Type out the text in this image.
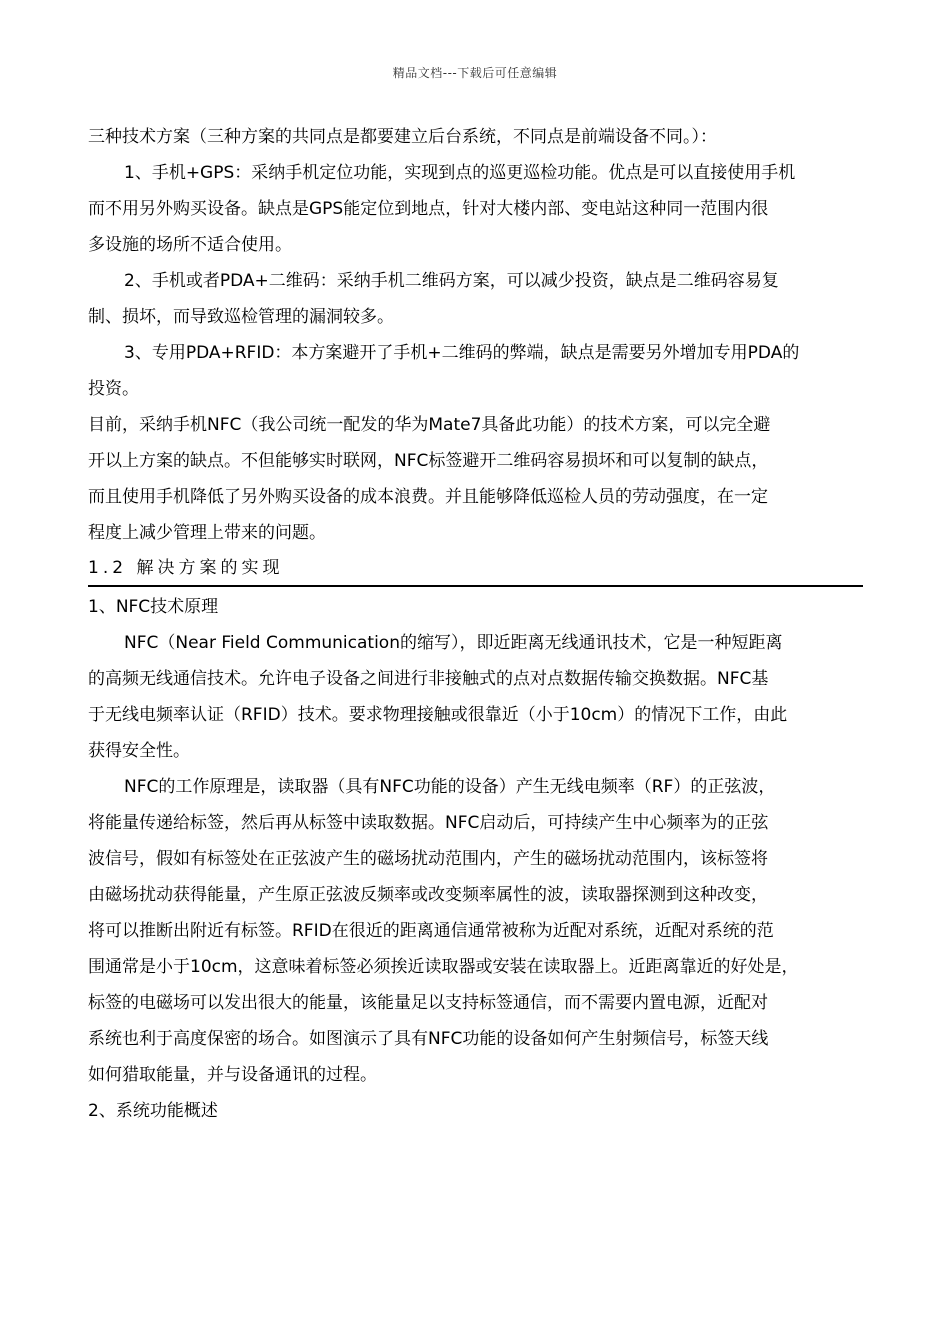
精品文档---下载后可任意编辑
三种技术方案（三种方案的共同点是都要建立后台系统，不同点是前端设备不同。）：
1、手机+GPS：采纳手机定位功能，实现到点的巡更巡检功能。优点是可以直接使用手机
而不用另外购买设备。缺点是GPS能定位到地点，针对大楼内部、变电站这种同一范围内很
多设施的场所不适合使用。
2、手机或者PDA+二维码：采纳手机二维码方案，可以减少投资，缺点是二维码容易复
制、损坏，而导致巡检管理的漏洞较多。
3、专用PDA+RFID：本方案避开了手机+二维码的弊端，缺点是需要另外增加专用PDA的
投资。
目前，采纳手机NFC（我公司统一配发的华为Mate7具备此功能）的技术方案，可以完全避
开以上方案的缺点。不但能够实时联网，NFC标签避开二维码容易损坏和可以复制的缺点，
而且使用手机降低了另外购买设备的成本浪费。并且能够降低巡检人员的劳动强度，在一定
程度上减少管理上带来的问题。
1.2 解决方案的实现
1、NFC技术原理
NFC（Near Field Communication的缩写），即近距离无线通讯技术，它是一种短距离
的高频无线通信技术。允许电子设备之间进行非接触式的点对点数据传输交换数据。NFC基
于无线电频率认证（RFID）技术。要求物理接触或很靠近（小于10cm）的情况下工作，由此
获得安全性。
NFC的工作原理是，读取器（具有NFC功能的设备）产生无线电频率（RF）的正弦波，
将能量传递给标签，然后再从标签中读取数据。NFC启动后，可持续产生中心频率为的正弦
波信号，假如有标签处在正弦波产生的磁场扰动范围内，产生的磁场扰动范围内，该标签将
由磁场扰动获得能量，产生原正弦波反频率或改变频率属性的波，读取器探测到这种改变，
将可以推断出附近有标签。RFID在很近的距离通信通常被称为近配对系统，近配对系统的范
围通常是小于10cm，这意味着标签必须挨近读取器或安装在读取器上。近距离靠近的好处是，
标签的电磁场可以发出很大的能量，该能量足以支持标签通信，而不需要内置电源，近配对
系统也利于高度保密的场合。如图演示了具有NFC功能的设备如何产生射频信号，标签天线
如何猎取能量，并与设备通讯的过程。
2、系统功能概述
